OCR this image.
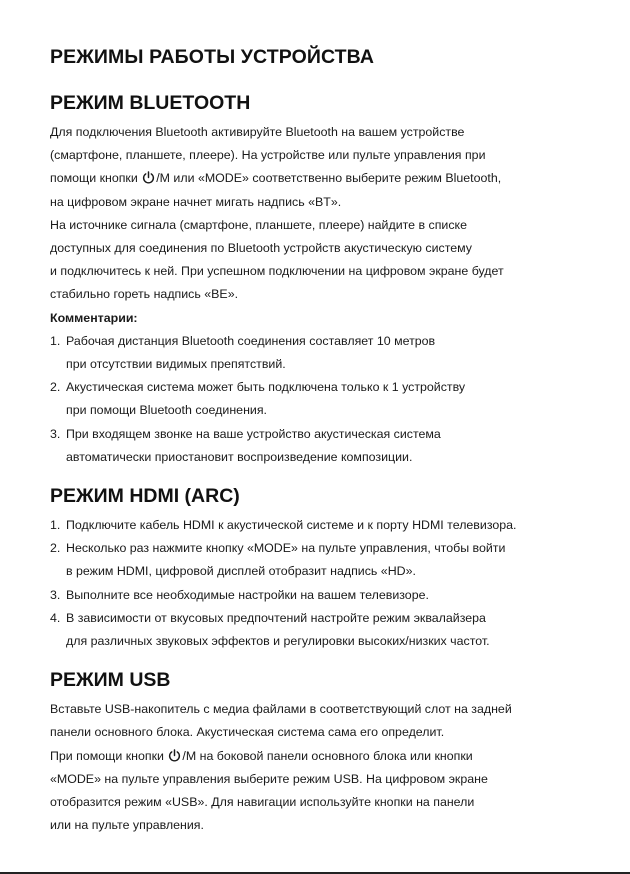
РЕЖИМЫ РАБОТЫ УСТРОЙСТВА
РЕЖИМ BLUETOOTH

Для подключения Bluetooth активируйте Bluetooth на вашем устройстве
(смартфоне, планшете, плеере). На устройстве или пульте управления при
помощи кнопки /M или «MODE» соответственно выберите режим Bluetooth,
на цифровом экране начнет мигать надпись «BT».

На источнике сигнала (смартфоне, планшете, плеере) найдите в списке
доступных для соединения по Bluetooth устройств акустическую систему
и подключитесь к ней. При успешном подключении на цифровом экране будет
стабильно гореть надпись «BE».

Комментарии:

1. Рабочая дистанция Bluetooth соединения составляет 10 метров
при отсутствии видимых препятствий.
2. Акустическая система может быть подключена только к 1 устройству
при помощи Bluetooth соединения.
3. При входящем звонке на ваше устройство акустическая система
автоматически приостановит воспроизведение композиции.
РЕЖИМ HDMI (ARC)
1. Подключите кабель HDMI к акустической системе и к порту HDMI телевизора.
2. Несколько раз нажмите кнопку «MODE» на пульте управления, чтобы войти
в режим HDMI, цифровой дисплей отобразит надпись «HD».
3. Выполните все необходимые настройки на вашем телевизоре.
4. В зависимости от вкусовых предпочтений настройте режим эквалайзера
для различных звуковых эффектов и регулировки высоких/низких частот.
РЕЖИМ USB

Вставьте USB-накопитель с медиа файлами в соответствующий слот на задней
панели основного блока. Акустическая система сама его определит.
При помощи кнопки /M на боковой панели основного блока или кнопки
«MODE» на пульте управления выберите режим USB. На цифровом экране
отобразится режим «USB». Для навигации используйте кнопки на панели
или на пульте управления.
